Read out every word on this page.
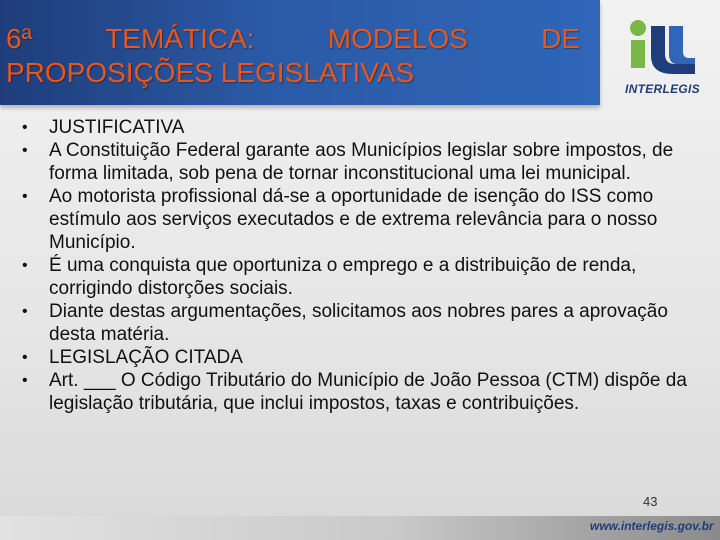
6ª	TEMÁTICA:	MODELOS	DE
PROPOSIÇÕES LEGISLATIVAS
INTERLEGIS
•	JUSTIFICATIVA
•	A Constituição Federal garante aos Municípios legislar sobre impostos, de forma limitada, sob pena de tornar inconstitucional uma lei municipal.
•	Ao motorista profissional dá-se a oportunidade de isenção do ISS como estímulo aos serviços executados e de extrema relevância para o nosso Município.
•	É uma conquista que oportuniza o emprego e a distribuição de renda, corrigindo distorções sociais.
•	Diante destas argumentações, solicitamos aos nobres pares a aprovação desta matéria.
•	LEGISLAÇÃO CITADA
•	Art. ___ O Código Tributário do Município de João Pessoa (CTM) dispõe da legislação tributária, que inclui impostos, taxas e contribuições.
43
www.interlegis.gov.br
